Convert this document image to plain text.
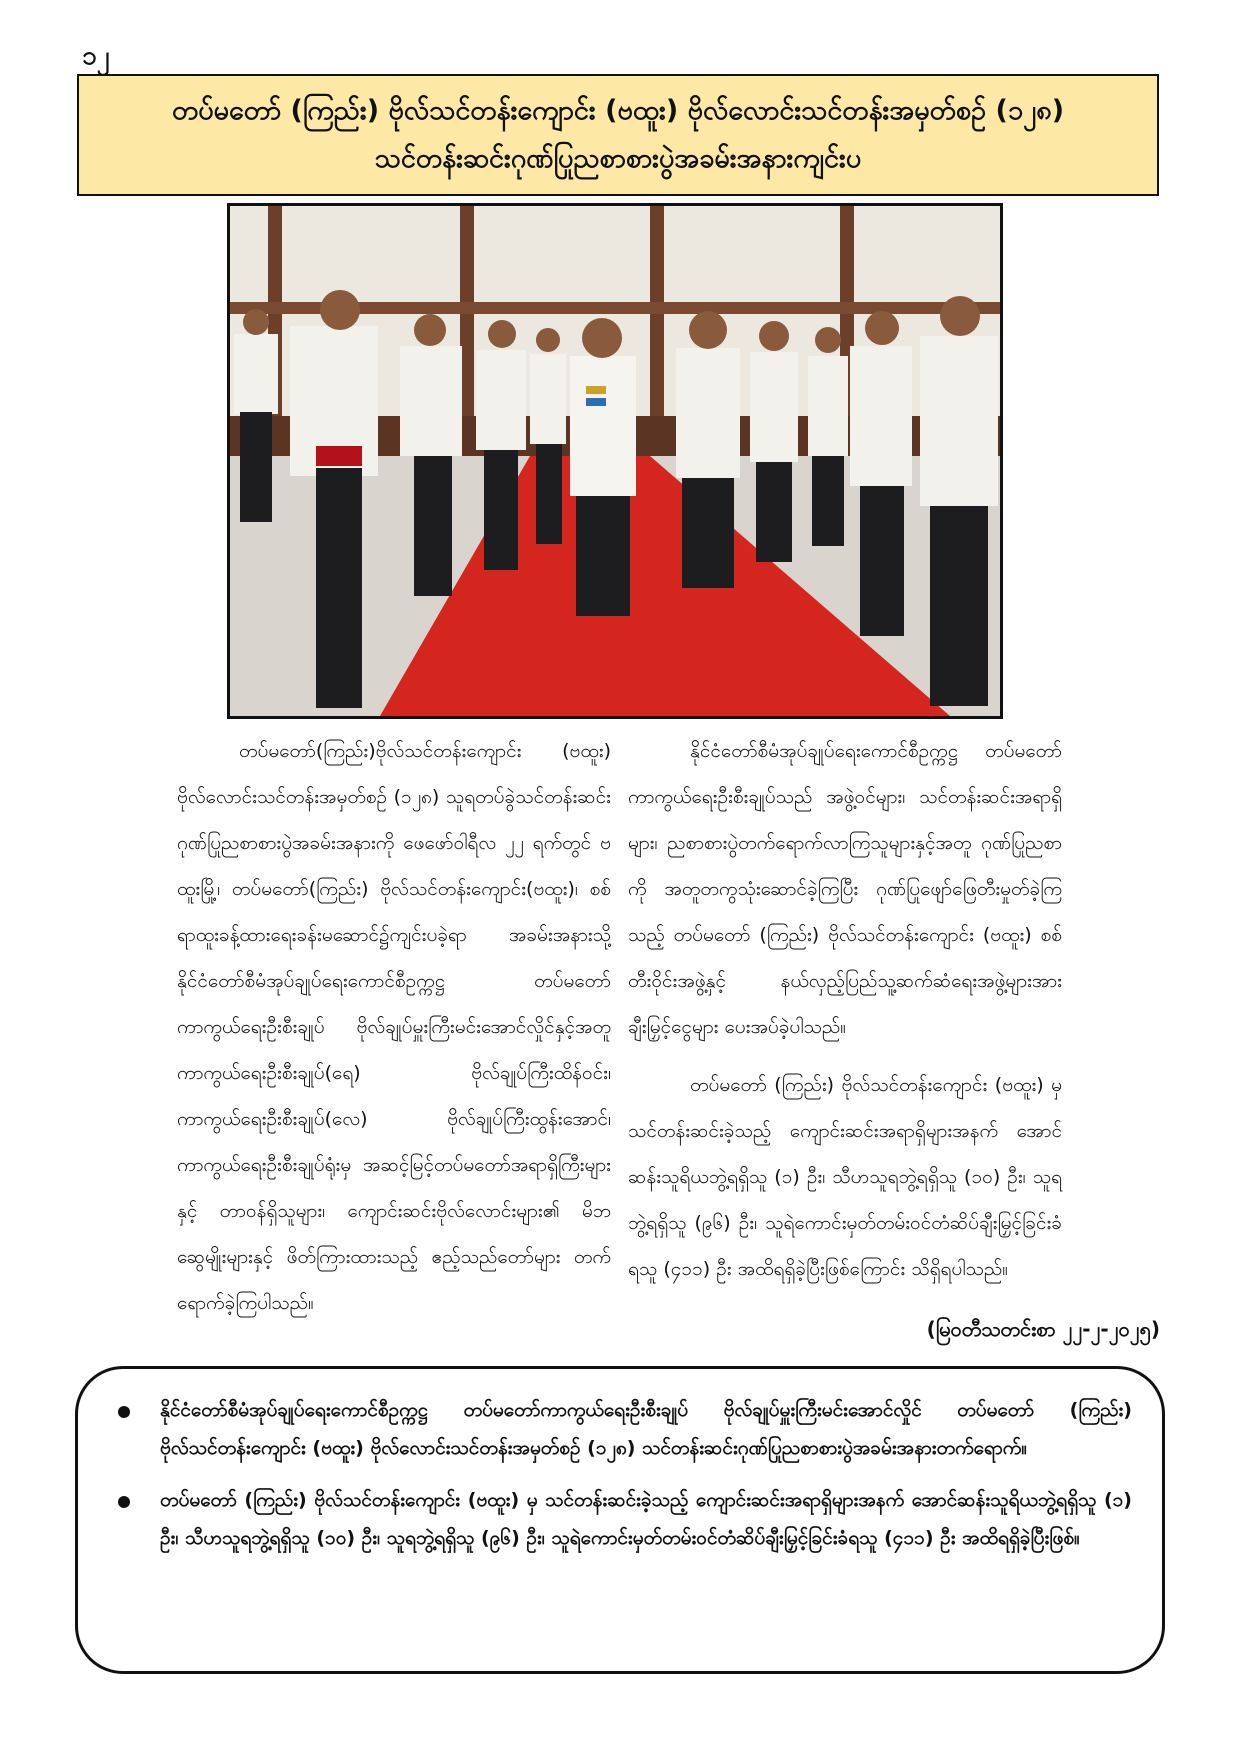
၁၂
တပ်မတော် (ကြည်း) ဗိုလ်သင်တန်းကျောင်း (ဗထူး) ဗိုလ်လောင်းသင်တန်းအမှတ်စဉ် (၁၂၈)
သင်တန်းဆင်းဂုဏ်ပြုညစာစားပွဲအခမ်းအနားကျင်းပ

တပ်မတော်(ကြည်း)ဗိုလ်သင်တန်းကျောင်း (ဗထူး) ဗိုလ်လောင်းသင်တန်းအမှတ်စဉ် (၁၂၈) သူရတပ်ခွဲသင်တန်းဆင်းဂုဏ်ပြုညစာစားပွဲအခမ်းအနားကို ဖေဖော်ဝါရီလ ၂၂ ရက်တွင် ဗထူးမြို့၊ တပ်မတော်(ကြည်း) ဗိုလ်သင်တန်းကျောင်း(ဗထူး)၊ စစ်ရာထူးခန့်ထားရေးခန်းမဆောင်၌ကျင်းပခဲ့ရာ အခမ်းအနားသို့ နိုင်ငံတော်စီမံအုပ်ချုပ်ရေးကောင်စီဥက္ကဋ္ဌ တပ်မတော်ကာကွယ်ရေးဦးစီးချုပ် ဗိုလ်ချုပ်မှူးကြီးမင်းအောင်လှိုင်နှင့်အတူ ကာကွယ်ရေးဦးစီးချုပ်(ရေ) ဗိုလ်ချုပ်ကြီးထိန်ဝင်း၊ ကာကွယ်ရေးဦးစီးချုပ်(လေ) ဗိုလ်ချုပ်ကြီးထွန်းအောင်၊ ကာကွယ်ရေးဦးစီးချုပ်ရုံးမှ အဆင့်မြင့်တပ်မတော်အရာရှိကြီးများနှင့် တာဝန်ရှိသူများ၊ ကျောင်းဆင်းဗိုလ်လောင်းများ၏ မိဘဆွေမျိုးများနှင့် ဖိတ်ကြားထားသည့် ဧည့်သည်တော်များ တက်ရောက်ခဲ့ကြပါသည်။

နိုင်ငံတော်စီမံအုပ်ချုပ်ရေးကောင်စီဥက္ကဋ္ဌ တပ်မတော်ကာကွယ်ရေးဦးစီးချုပ်သည် အဖွဲ့ဝင်များ၊ သင်တန်းဆင်းအရာရှိများ၊ ညစာစားပွဲတက်ရောက်လာကြသူများနှင့်အတူ ဂုဏ်ပြုညစာကို အတူတကွသုံးဆောင်ခဲ့ကြပြီး ဂုဏ်ပြုဖျော်ဖြေတီးမှုတ်ခဲ့ကြသည့် တပ်မတော် (ကြည်း) ဗိုလ်သင်တန်းကျောင်း (ဗထူး) စစ်တီးဝိုင်းအဖွဲ့နှင့် နယ်လှည့်ပြည်သူ့ဆက်ဆံရေးအဖွဲ့များအား ချီးမြှင့်ငွေများ ပေးအပ်ခဲ့ပါသည်။

တပ်မတော် (ကြည်း) ဗိုလ်သင်တန်းကျောင်း (ဗထူး) မှ သင်တန်းဆင်းခဲ့သည့် ကျောင်းဆင်းအရာရှိများအနက် အောင်ဆန်းသူရိယဘွဲ့ရရှိသူ (၁) ဦး၊ သီဟသူရဘွဲ့ရရှိသူ (၁၀) ဦး၊ သူရဘွဲ့ရရှိသူ (၉၆) ဦး၊ သူရဲကောင်းမှတ်တမ်းဝင်တံဆိပ်ချီးမြှင့်ခြင်းခံရသူ (၄၁၁) ဦး အထိရရှိခဲ့ပြီးဖြစ်ကြောင်း သိရှိရပါသည်။

(မြဝတီသတင်းစာ ၂၂-၂-၂၀၂၅)
နိုင်ငံတော်စီမံအုပ်ချုပ်ရေးကောင်စီဥက္ကဋ္ဌ တပ်မတော်ကာကွယ်ရေးဦးစီးချုပ် ဗိုလ်ချုပ်မှူးကြီးမင်းအောင်လှိုင် တပ်မတော် (ကြည်း) ဗိုလ်သင်တန်းကျောင်း (ဗထူး) ဗိုလ်လောင်းသင်တန်းအမှတ်စဉ် (၁၂၈) သင်တန်းဆင်းဂုဏ်ပြုညစာစားပွဲအခမ်းအနားတက်ရောက်။
တပ်မတော် (ကြည်း) ဗိုလ်သင်တန်းကျောင်း (ဗထူး) မှ သင်တန်းဆင်းခဲ့သည့် ကျောင်းဆင်းအရာရှိများအနက် အောင်ဆန်းသူရိယဘွဲ့ရရှိသူ (၁) ဦး၊ သီဟသူရဘွဲ့ရရှိသူ (၁၀) ဦး၊ သူရဘွဲ့ရရှိသူ (၉၆) ဦး၊ သူရဲကောင်းမှတ်တမ်းဝင်တံဆိပ်ချီးမြှင့်ခြင်းခံရသူ (၄၁၁) ဦး အထိရရှိခဲ့ပြီးဖြစ်။
